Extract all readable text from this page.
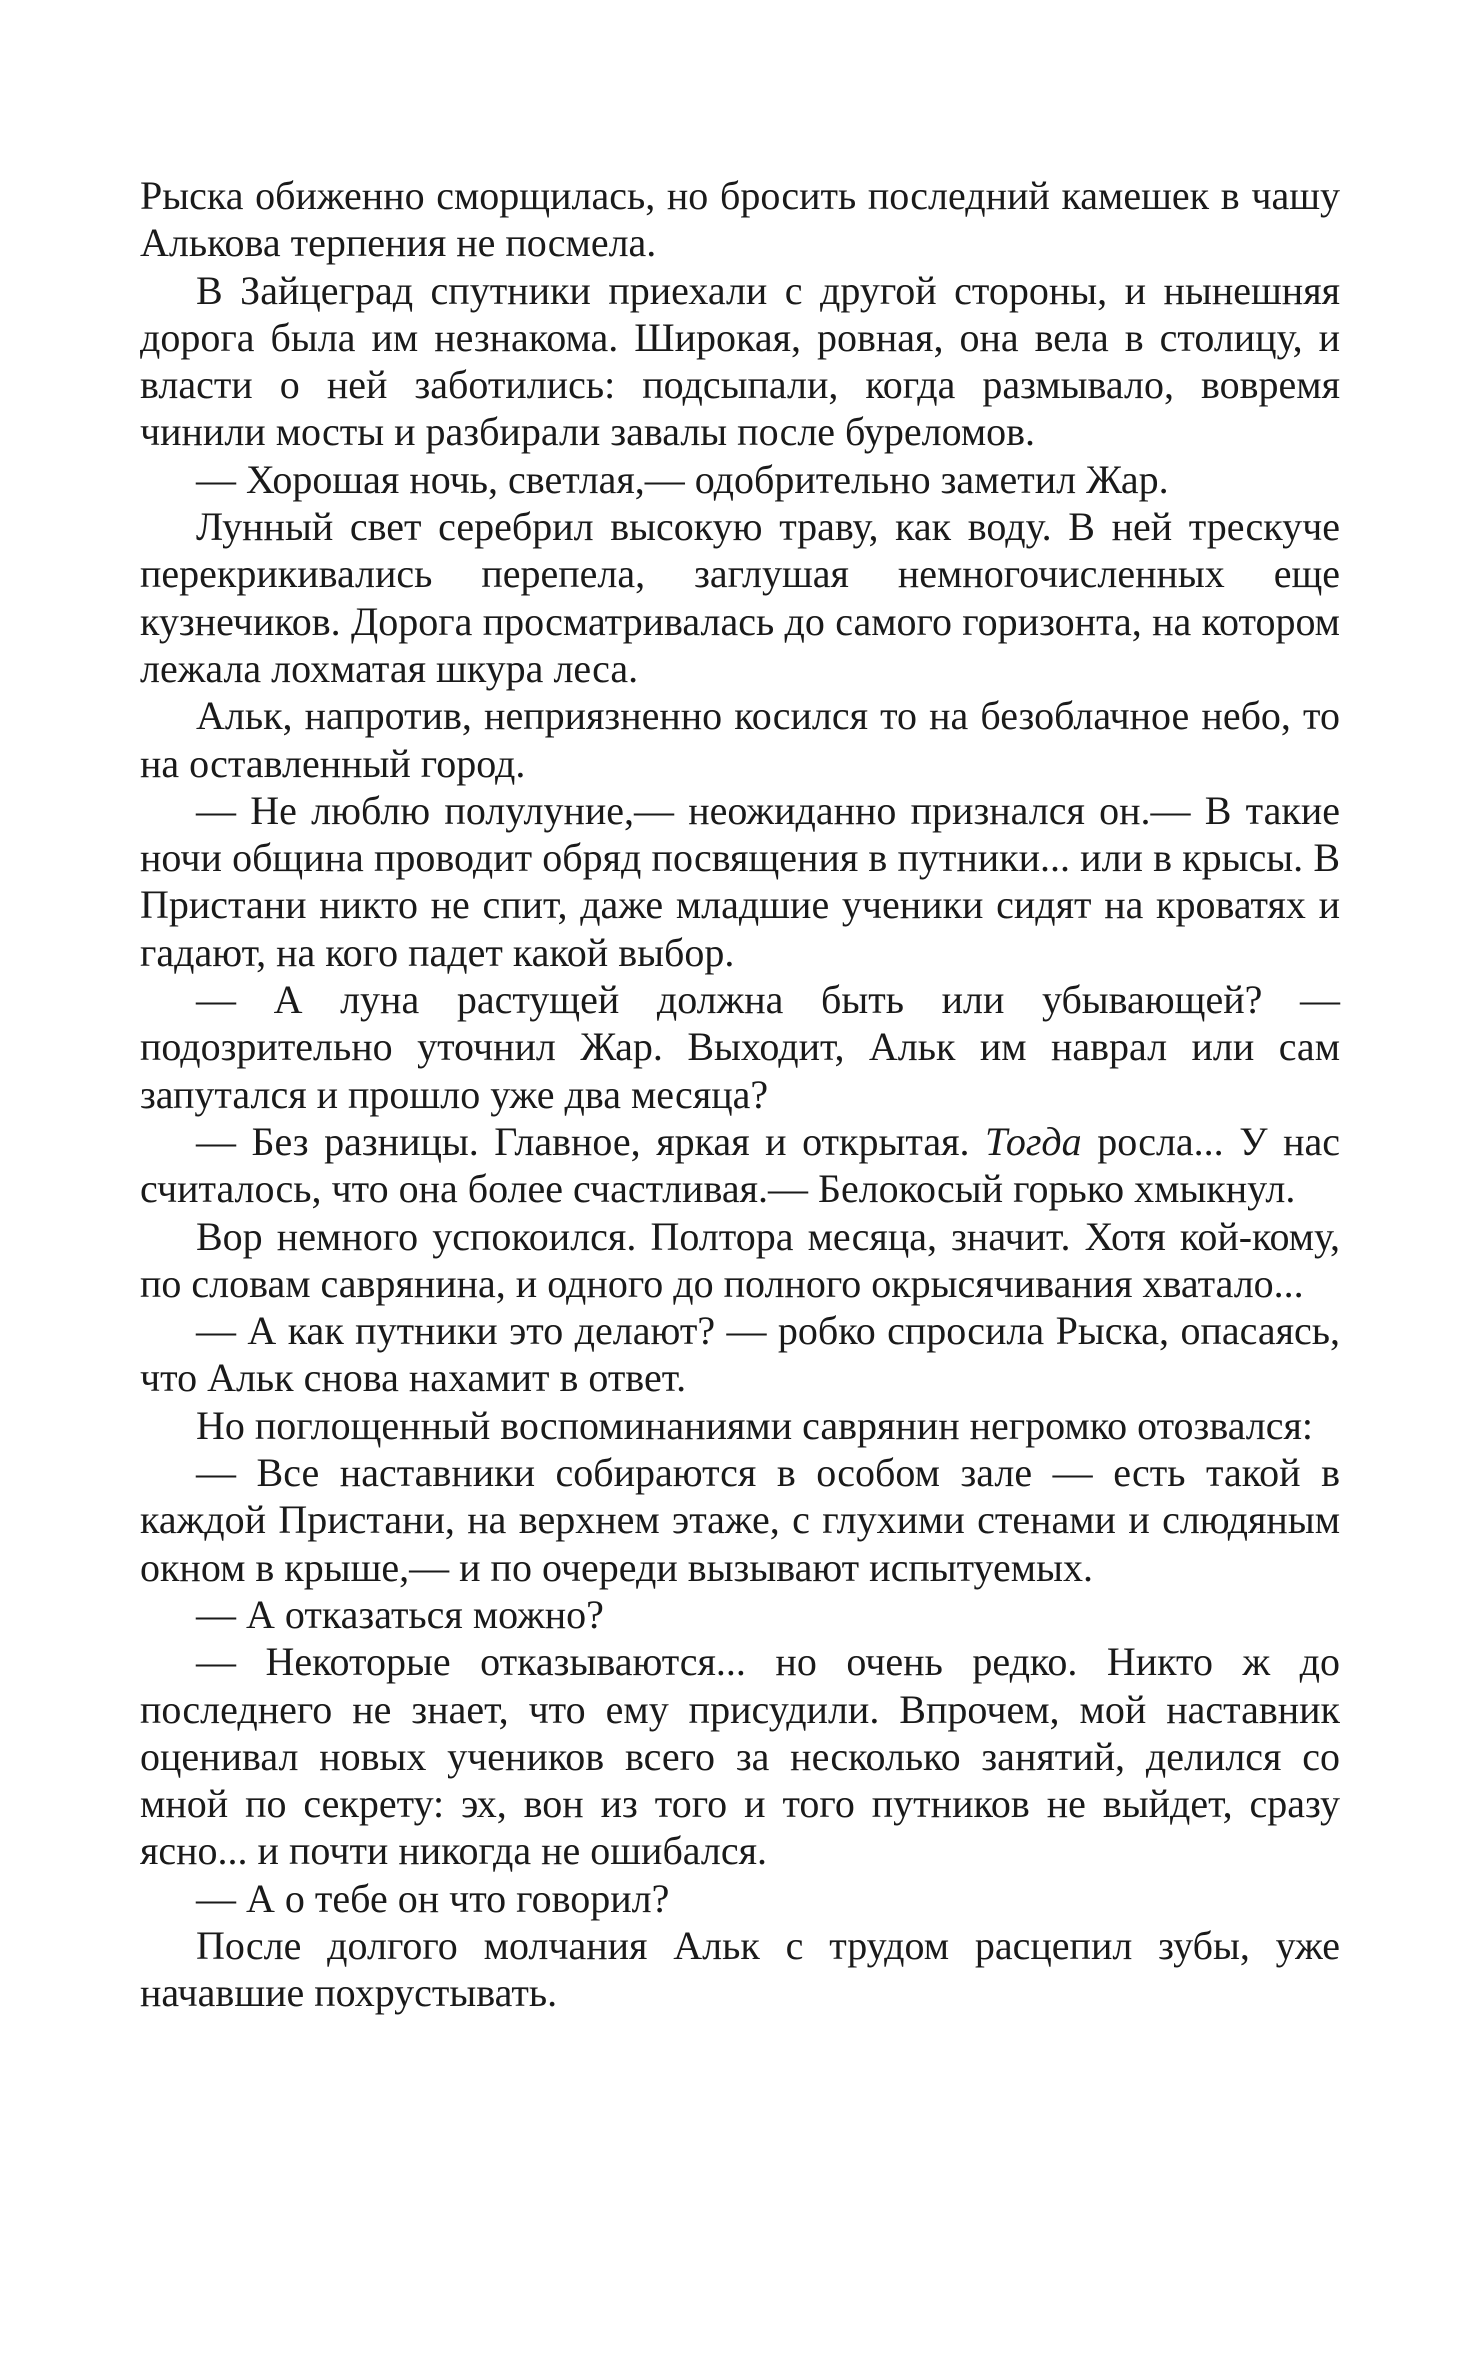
Рыска обиженно сморщилась, но бросить последний камешек в чашу Алькова терпения не посмела.

В Зайцеград спутники приехали с другой стороны, и нынешняя дорога была им незнакома. Широкая, ровная, она вела в столицу, и власти о ней заботились: подсыпали, когда размывало, вовремя чинили мосты и разбирали завалы после буреломов.

— Хорошая ночь, светлая,— одобрительно заметил Жар.

Лунный свет серебрил высокую траву, как воду. В ней трескуче перекрикивались перепела, заглушая немногочисленных еще кузнечиков. Дорога просматривалась до самого горизонта, на котором лежала лохматая шкура леса.

Альк, напротив, неприязненно косился то на безоблачное небо, то на оставленный город.

— Не люблю полулуние,— неожиданно признался он.— В такие ночи община проводит обряд посвящения в путники... или в крысы. В Пристани никто не спит, даже младшие ученики сидят на кроватях и гадают, на кого падет какой выбор.

— А луна растущей должна быть или убывающей? — подозрительно уточнил Жар. Выходит, Альк им наврал или сам запутался и прошло уже два месяца?

— Без разницы. Главное, яркая и открытая. Тогда росла... У нас считалось, что она более счастливая.— Белокосый горько хмыкнул.

Вор немного успокоился. Полтора месяца, значит. Хотя кой-кому, по словам саврянина, и одного до полного окрысячивания хватало...

— А как путники это делают? — робко спросила Рыска, опасаясь, что Альк снова нахамит в ответ.

Но поглощенный воспоминаниями саврянин негромко отозвался:

— Все наставники собираются в особом зале — есть такой в каждой Пристани, на верхнем этаже, с глухими стенами и слюдяным окном в крыше,— и по очереди вызывают испытуемых.

— А отказаться можно?

— Некоторые отказываются... но очень редко. Никто ж до последнего не знает, что ему присудили. Впрочем, мой наставник оценивал новых учеников всего за несколько занятий, делился со мной по секрету: эх, вон из того и того путников не выйдет, сразу ясно... и почти никогда не ошибался.

— А о тебе он что говорил?

После долгого молчания Альк с трудом расцепил зубы, уже начавшие похрустывать.
